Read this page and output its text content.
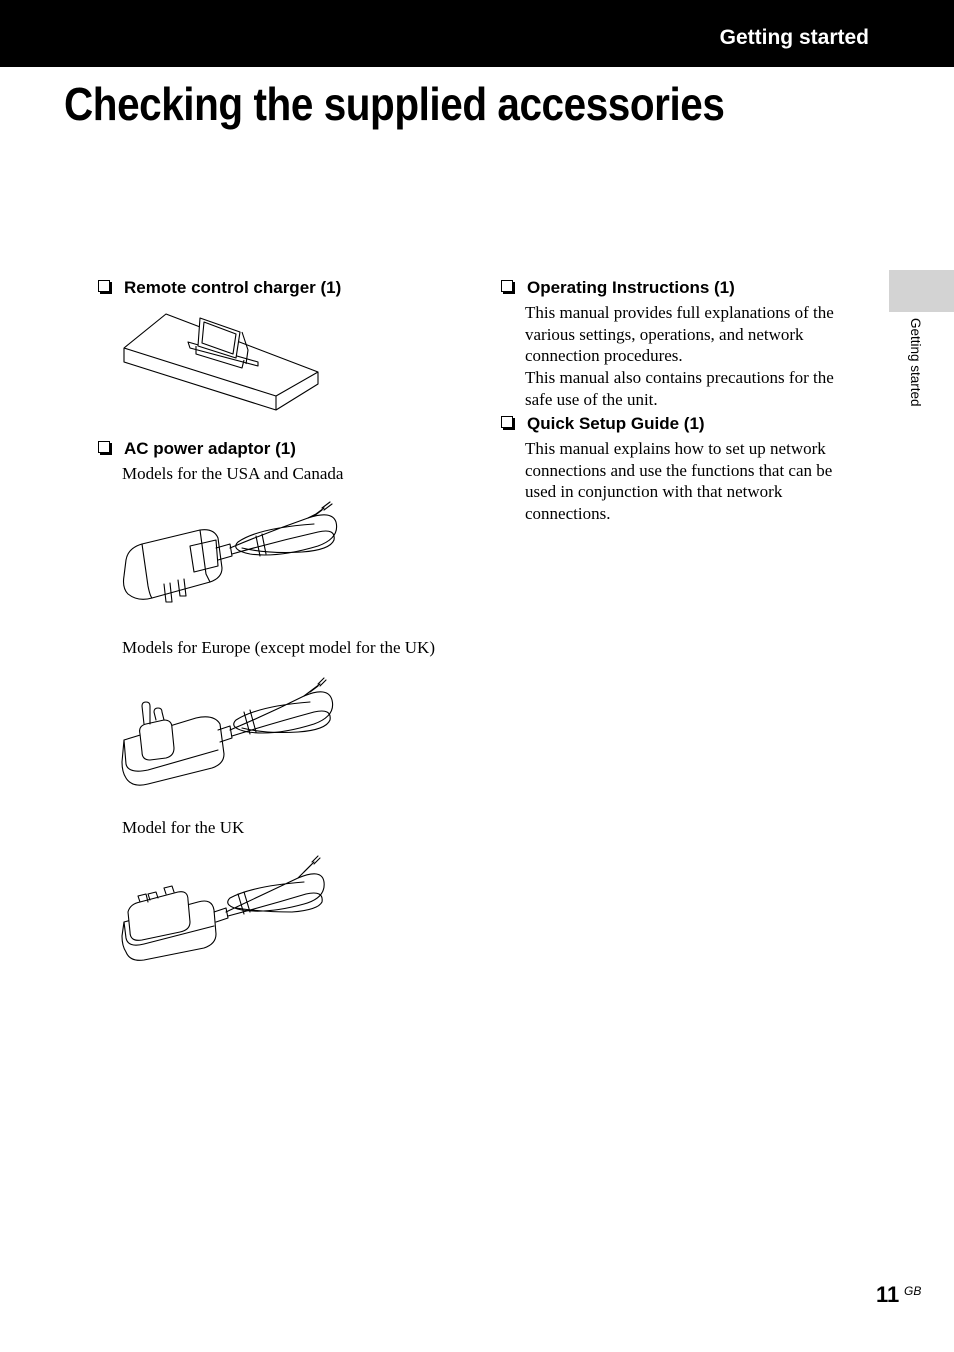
Getting started
Checking the supplied accessories
Getting started
Remote control charger (1)
AC power adaptor (1)
Models for the USA and Canada
Models for Europe (except model for the UK)
Model for the UK
Operating Instructions (1)
This manual provides full explanations of the various settings, operations, and network connection procedures.
This manual also contains precautions for the safe use of the unit.
Quick Setup Guide (1)
This manual explains how to set up network connections and use the functions that can be used in conjunction with that network connections.
11 GB
